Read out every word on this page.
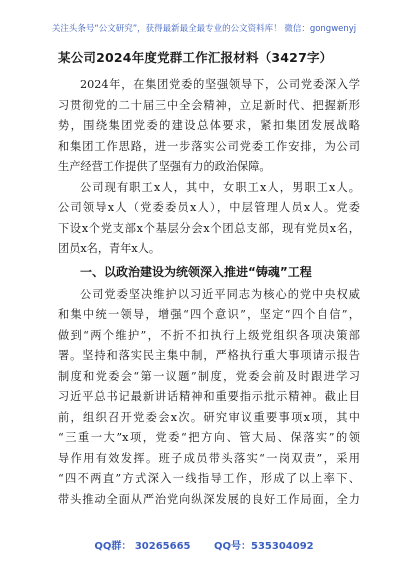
关注头条号“公文研究”，获得最新最全最专业的公文资料库！ 微信：gongwenyj
某公司2024年度党群工作汇报材料（3427字）
2024年，在集团党委的坚强领导下，公司党委深入学
习贯彻党的二十届三中全会精神，立足新时代、把握新形
势，围绕集团党委的建设总体要求，紧扣集团发展战略
和集团工作思路，进一步落实公司党委工作安排，为公司
生产经营工作提供了坚强有力的政治保障。
公司现有职工x人，其中，女职工x人，男职工x人。
公司领导x人（党委委员x人），中层管理人员x人。党委
下设x个党支部x个基层分会x个团总支部，现有党员x名，
团员x名，青年x人。
一、以政治建设为统领深入推进“铸魂”工程
公司党委坚决维护以习近平同志为核心的党中央权威
和集中统一领导，增强“四个意识”，坚定“四个自信”，
做到“两个维护”，不折不扣执行上级党组织各项决策部
署。坚持和落实民主集中制，严格执行重大事项请示报告
制度和党委会“第一议题”制度，党委会前及时跟进学习
习近平总书记最新讲话精神和重要指示批示精神。截止目
前，组织召开党委会x次。研究审议重要事项x项，其中
“三重一大”x项，党委“把方向、管大局、保落实”的领
导作用有效发挥。班子成员带头落实“一岗双责”，采用
“四不两直”方式深入一线指导工作，形成了以上率下、
带头推动全面从严治党向纵深发展的良好工作局面，全力
QQ群： 30265665 QQ号：535304092
